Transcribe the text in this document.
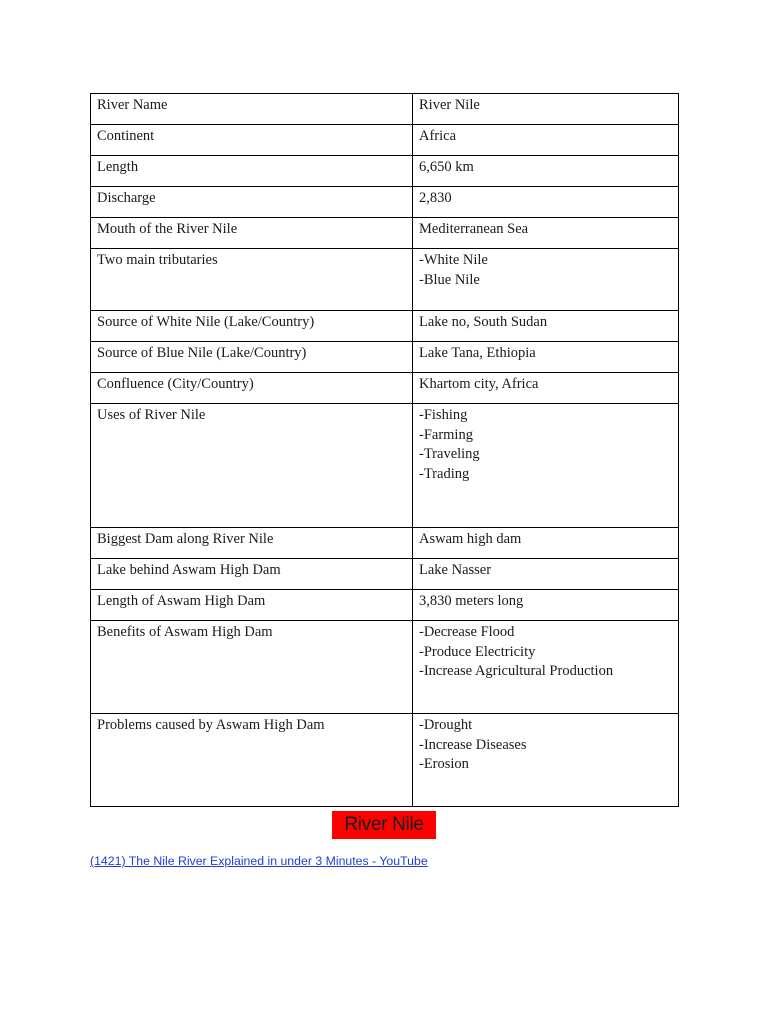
River Name	River Nile

Continent	Africa

Length	6,650 km

Discharge	2,830

Mouth of the River Nile	Mediterranean Sea

Two main tributaries	-White Nile
-Blue Nile

Source of White Nile (Lake/Country)	Lake no, South Sudan

Source of Blue Nile (Lake/Country)	Lake Tana, Ethiopia

Confluence (City/Country)	Khartom city, Africa

Uses of River Nile	-Fishing
-Farming
-Traveling
-Trading

Biggest Dam along River Nile	Aswam high dam

Lake behind Aswam High Dam	Lake Nasser

Length of Aswam High Dam	3,830 meters long

Benefits of Aswam High Dam	-Decrease Flood
-Produce Electricity
-Increase Agricultural Production

Problems caused by Aswam High Dam	-Drought
-Increase Diseases
-Erosion
River Nile
(1421) The Nile River Explained in under 3 Minutes - YouTube
